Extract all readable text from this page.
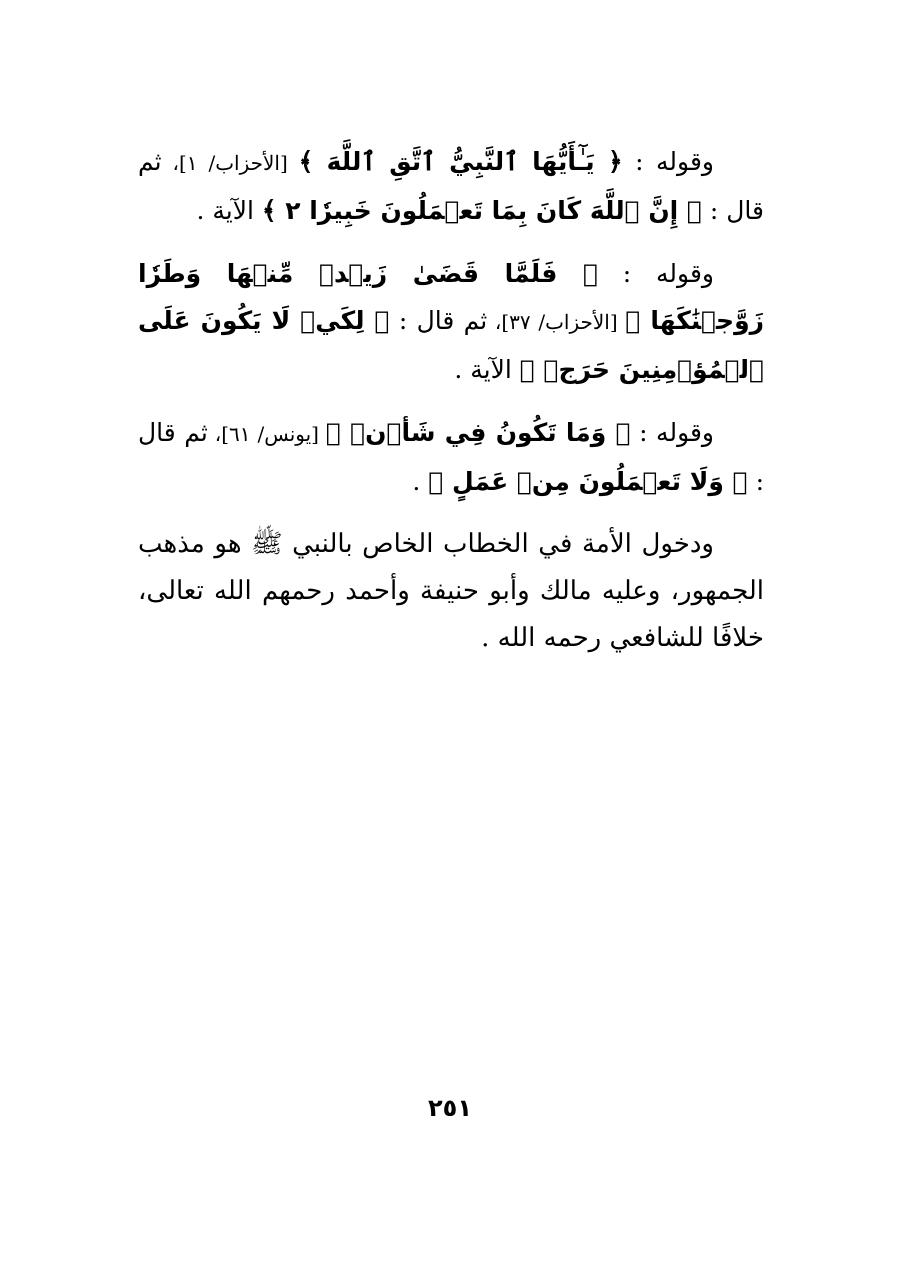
وقوله : ﴿ يَـٰٓأَيُّهَا ٱلنَّبِيُّ ٱتَّقِ ٱللَّهَ ﴾ [الأحزاب/ ١]، ثم قال : ﴿ إِنَّ ٱللَّهَ كَانَ بِمَا تَعۡمَلُونَ خَبِيرٗا ٢ ﴾ الآية .

وقوله : ﴿ فَلَمَّا قَضَىٰ زَيۡدٞ مِّنۡهَا وَطَرٗا زَوَّجۡنَٰكَهَا ﴾ [الأحزاب/ ٣٧]، ثم قال : ﴿ لِكَيۡ لَا يَكُونَ عَلَى ٱلۡمُؤۡمِنِينَ حَرَجٞ ﴾ الآية .

وقوله : ﴿ وَمَا تَكُونُ فِي شَأۡنٖ ﴾ [يونس/ ٦١]، ثم قال : ﴿ وَلَا تَعۡمَلُونَ مِنۡ عَمَلٍ ﴾ .

ودخول الأمة في الخطاب الخاص بالنبي ﷺ هو مذهب الجمهور، وعليه مالك وأبو حنيفة وأحمد رحمهم الله تعالى، خلافًا للشافعي رحمه الله .

٢٥١
